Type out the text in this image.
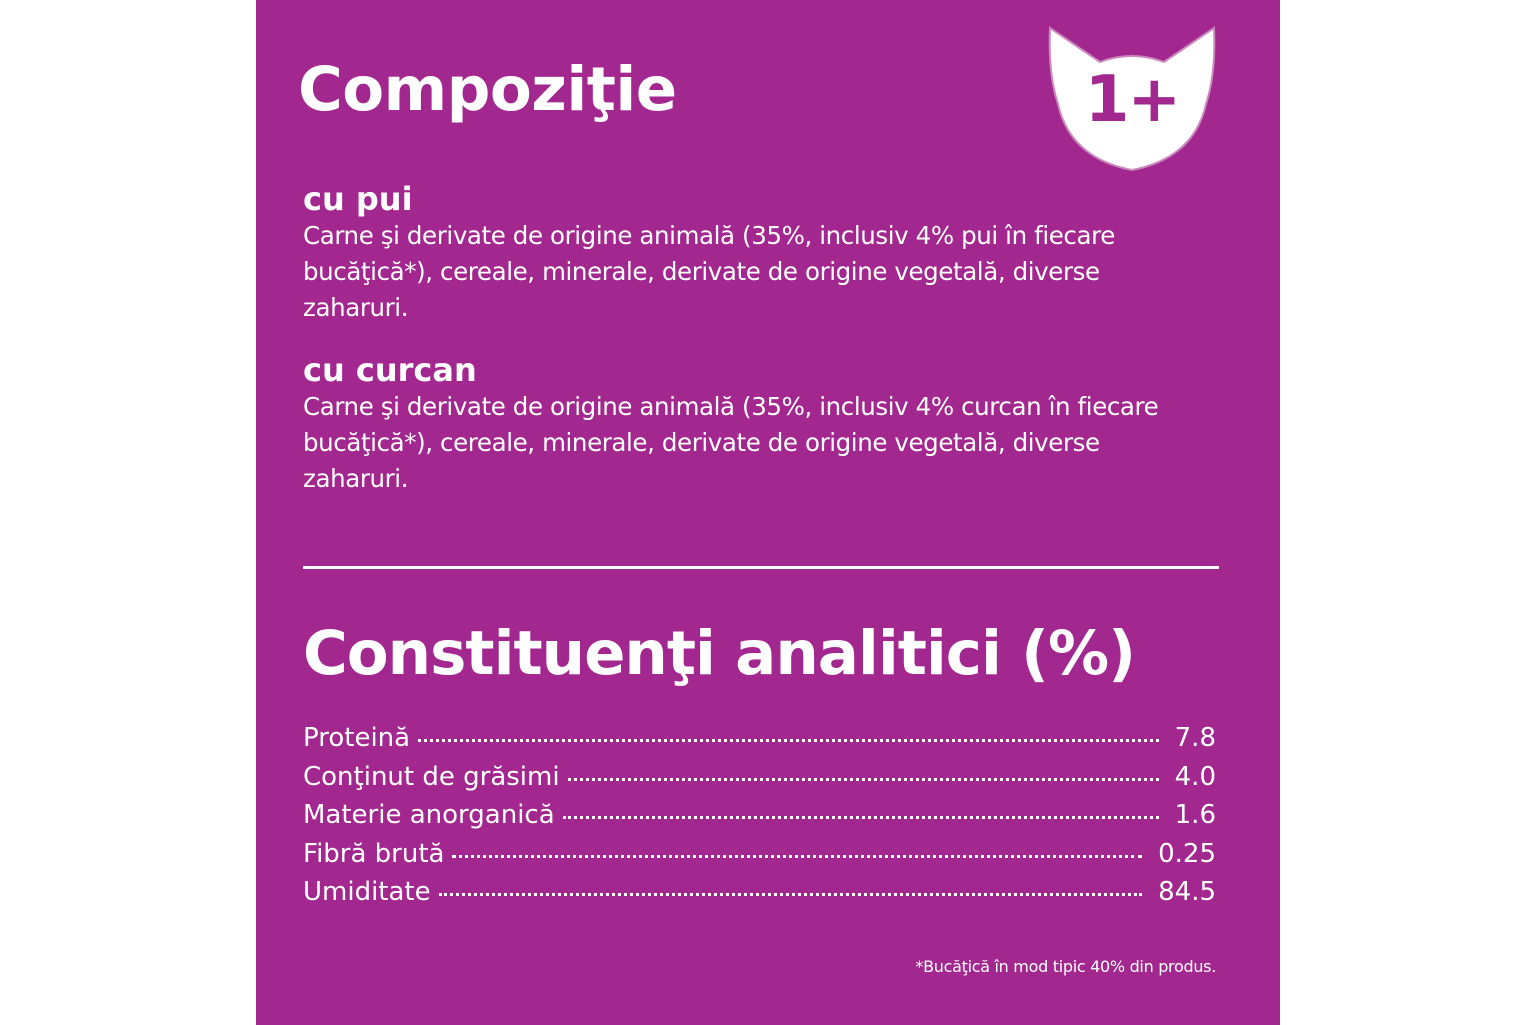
1+
Compoziţie
cu pui

Carne şi derivate de origine animală (35%, inclusiv 4% pui în fiecare bucăţică*), cereale, minerale, derivate de origine vegetală, diverse zaharuri.

cu curcan

Carne şi derivate de origine animală (35%, inclusiv 4% curcan în fiecare bucăţică*), cereale, minerale, derivate de origine vegetală, diverse zaharuri.

Constituenţi analitici (%)
Proteină	7.8
Conţinut de grăsimi	4.0
Materie anorganică	1.6
Fibră brută	0.25
Umiditate	84.5

*Bucăţică în mod tipic 40% din produs.
